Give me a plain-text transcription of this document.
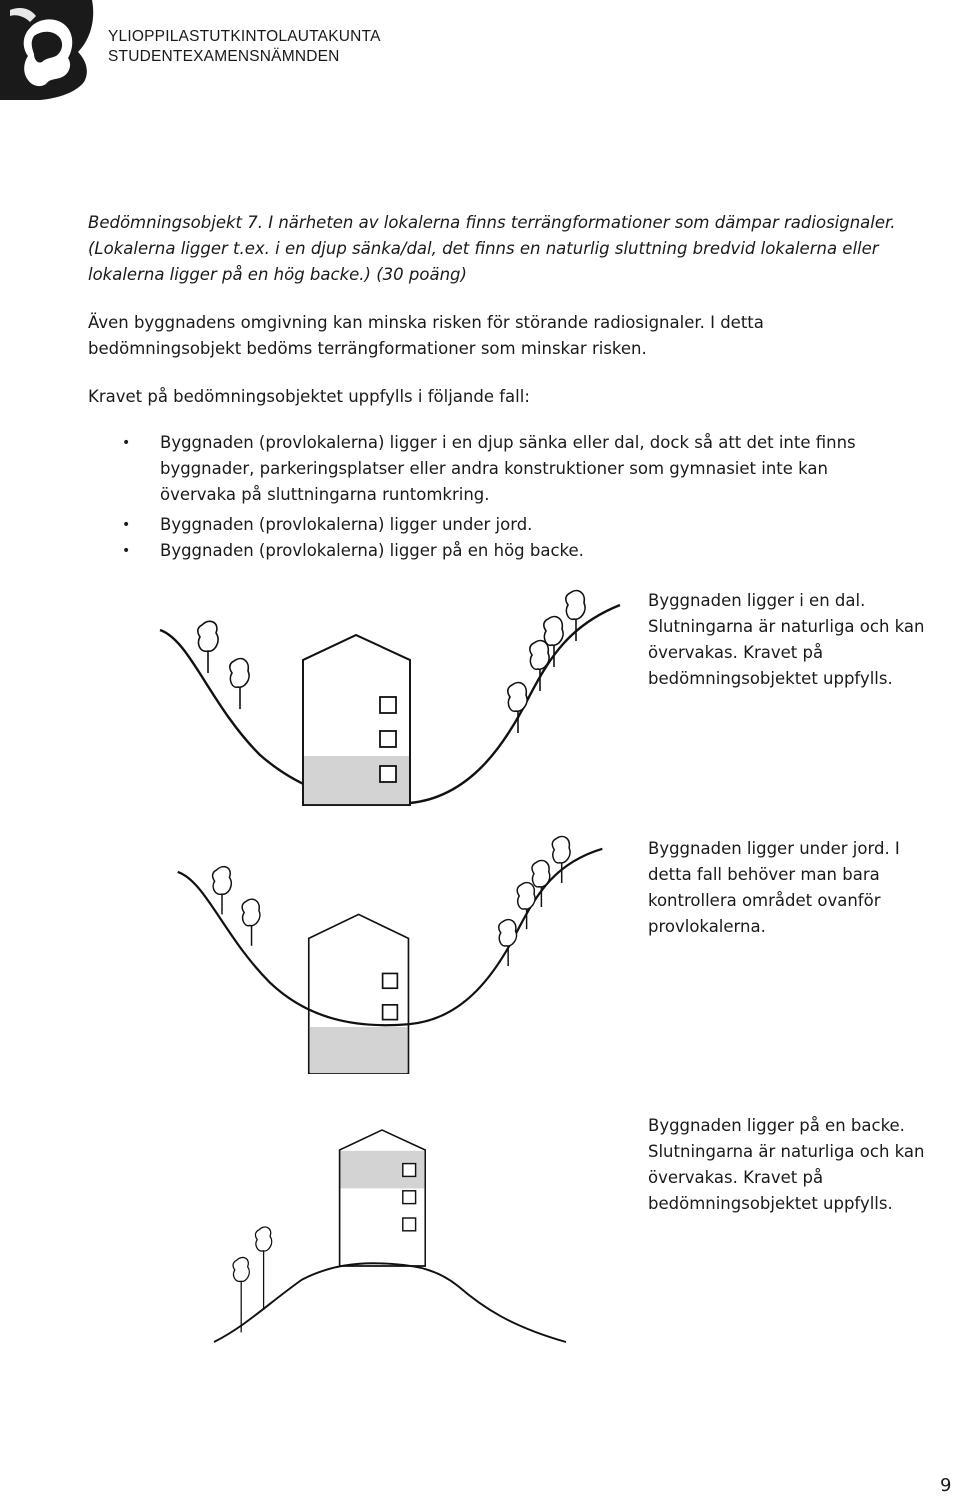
YLIOPPILASTUTKINTOLAUTAKUNTA
STUDENTEXAMENSNÄMNDEN
Bedömningsobjekt 7. I närheten av lokalerna finns terrängformationer som dämpar radiosignaler.
(Lokalerna ligger t.ex. i en djup sänka/dal, det finns en naturlig sluttning bredvid lokalerna eller
lokalerna ligger på en hög backe.) (30 poäng)
Även byggnadens omgivning kan minska risken för störande radiosignaler. I detta
bedömningsobjekt bedöms terrängformationer som minskar risken.
Kravet på bedömningsobjektet uppfylls i följande fall:
• Byggnaden (provlokalerna) ligger i en djup sänka eller dal, dock så att det inte finns
byggnader, parkeringsplatser eller andra konstruktioner som gymnasiet inte kan
övervaka på sluttningarna runtomkring.
• Byggnaden (provlokalerna) ligger under jord.
• Byggnaden (provlokalerna) ligger på en hög backe.
Byggnaden ligger i en dal.
Slutningarna är naturliga och kan
övervakas. Kravet på
bedömningsobjektet uppfylls.
Byggnaden ligger under jord. I
detta fall behöver man bara
kontrollera området ovanför
provlokalerna.
Byggnaden ligger på en backe.
Slutningarna är naturliga och kan
övervakas. Kravet på
bedömningsobjektet uppfylls.
9
